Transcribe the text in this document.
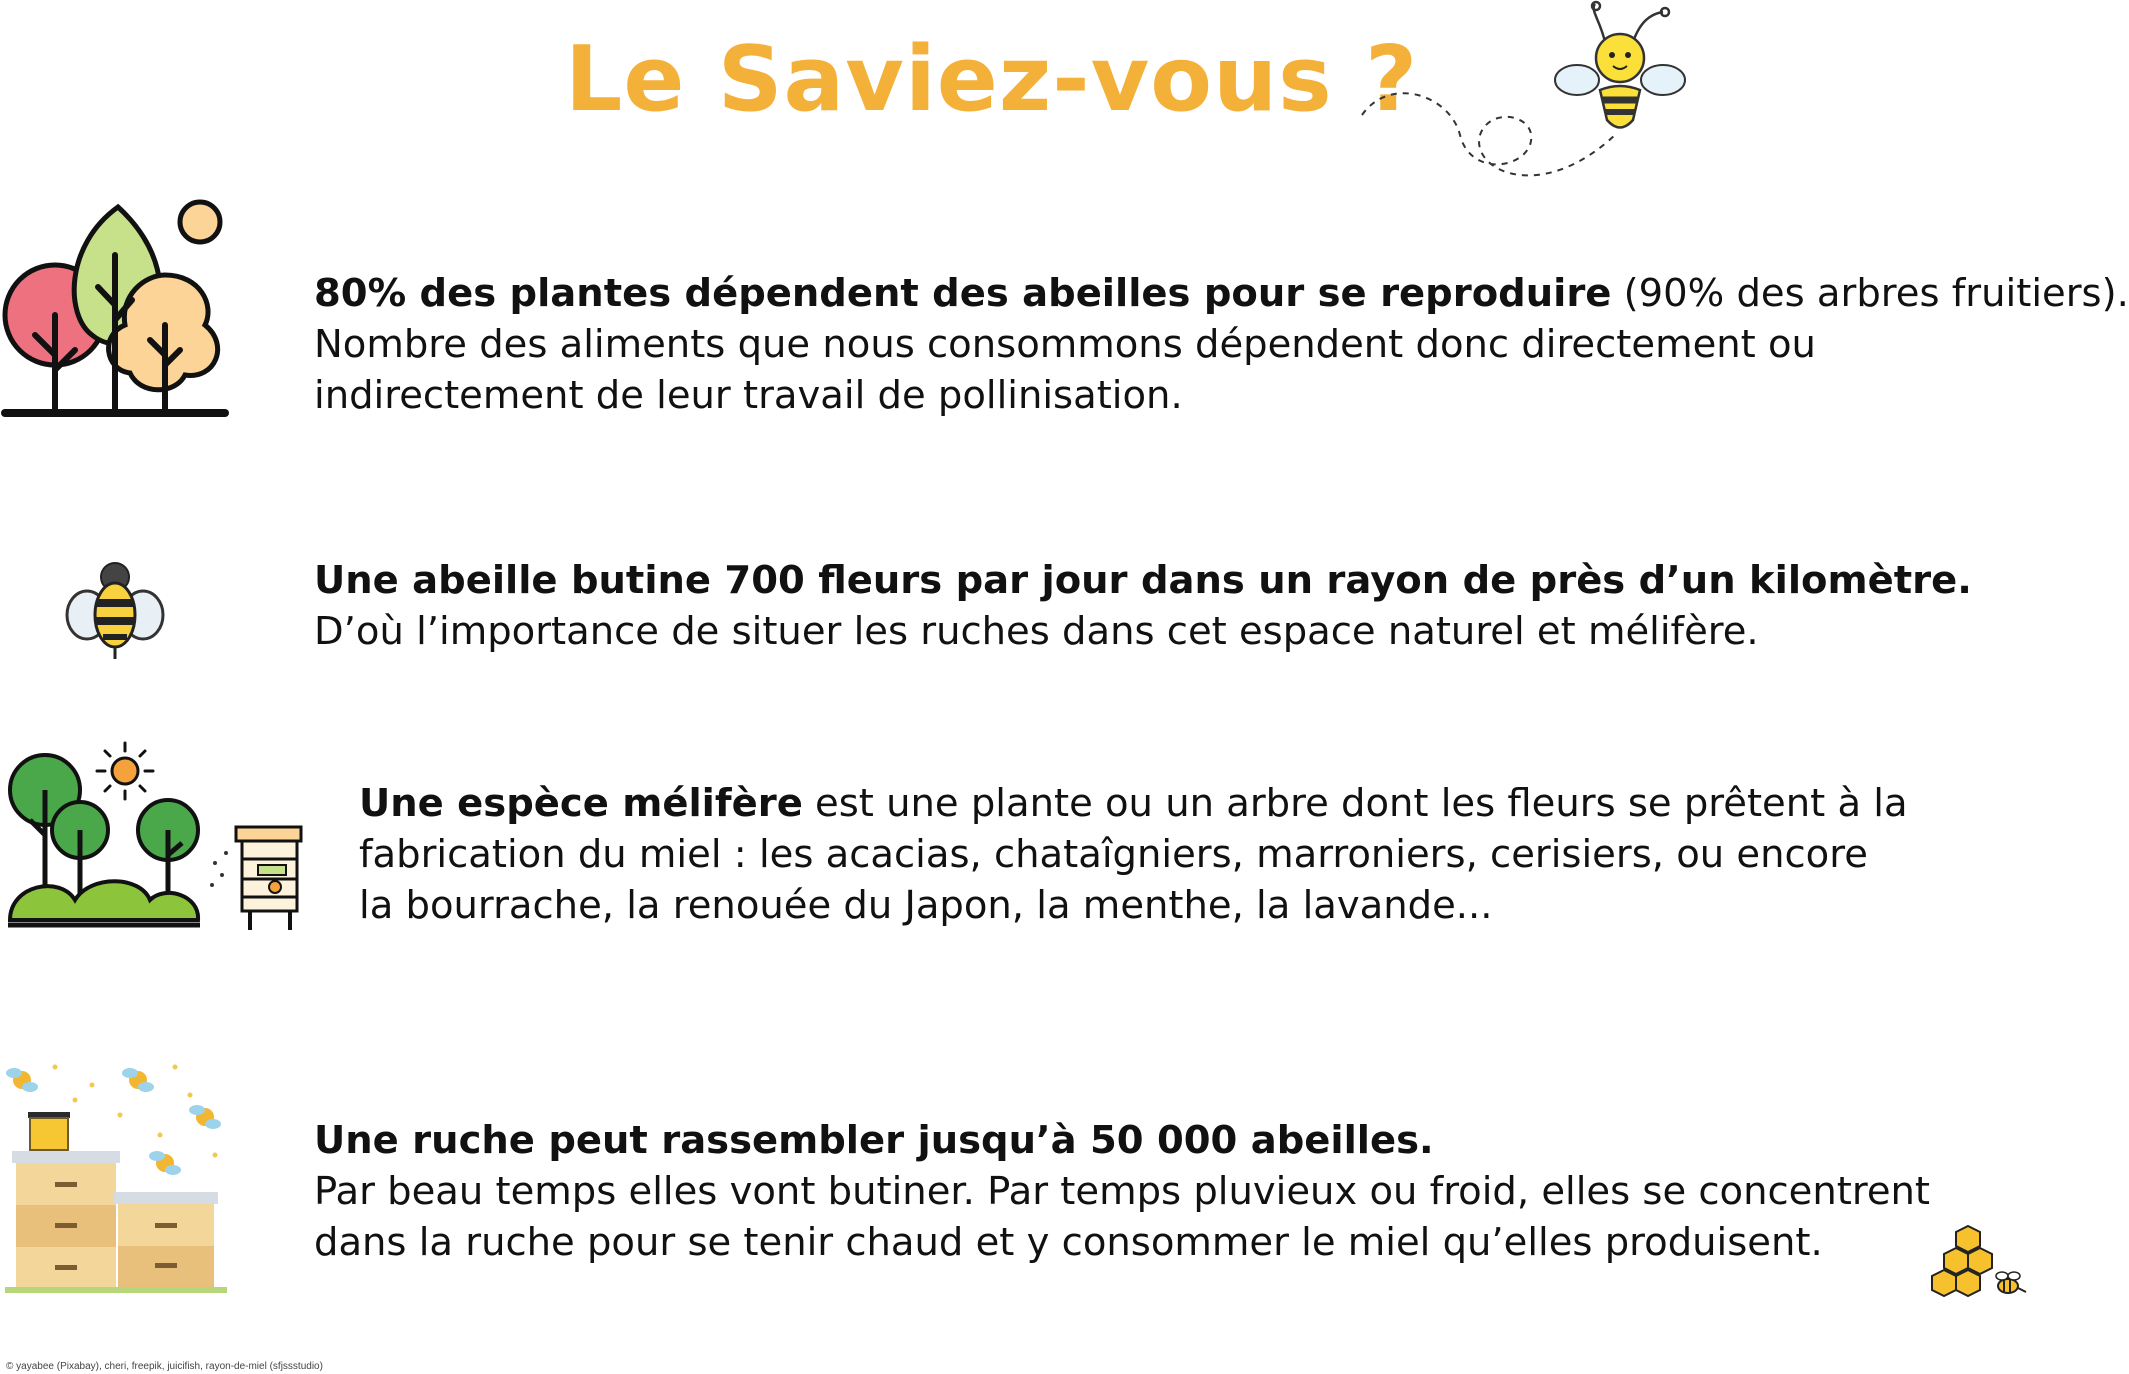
Le Saviez-vous ?
80% des plantes dépendent des abeilles pour se reproduire (90% des arbres fruitiers).
Nombre des aliments que nous consommons dépendent donc directement ou
indirectement de leur travail de pollinisation.
Une abeille butine 700 fleurs par jour dans un rayon de près d’un kilomètre.
D’où l’importance de situer les ruches dans cet espace naturel et mélifère.
Une espèce mélifère est une plante ou un arbre dont les fleurs se prêtent à la
fabrication du miel : les acacias, chataîgniers, marroniers, cerisiers, ou encore
la bourrache, la renouée du Japon, la menthe, la lavande...
Une ruche peut rassembler jusqu’à 50 000 abeilles.
Par beau temps elles vont butiner. Par temps pluvieux ou froid, elles se concentrent
dans la ruche pour se tenir chaud et y consommer le miel qu’elles produisent.
© yayabee (Pixabay), cheri, freepik, juicifish, rayon-de-miel (sfjssstudio)
